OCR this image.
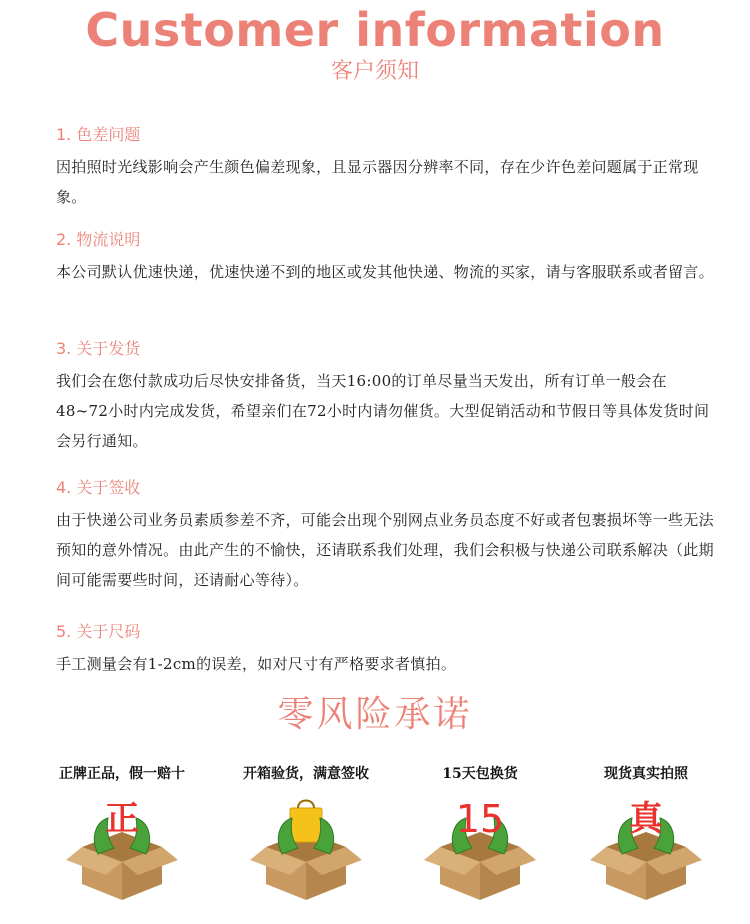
Customer information
客户须知
1. 色差问题
因拍照时光线影响会产生颜色偏差现象，且显示器因分辨率不同，存在少许色差问题属于正常现象。
2. 物流说明
本公司默认优速快递，优速快递不到的地区或发其他快递、物流的买家，请与客服联系或者留言。
3. 关于发货
我们会在您付款成功后尽快安排备货，当天16:00的订单尽量当天发出，所有订单一般会在48~72小时内完成发货，希望亲们在72小时内请勿催货。大型促销活动和节假日等具体发货时间会另行通知。
4. 关于签收
由于快递公司业务员素质参差不齐，可能会出现个别网点业务员态度不好或者包裹损坏等一些无法预知的意外情况。由此产生的不愉快，还请联系我们处理，我们会积极与快递公司联系解决（此期间可能需要些时间，还请耐心等待）。
5. 关于尺码
手工测量会有1-2cm的误差，如对尺寸有严格要求者慎拍。
零风险承诺
正牌正品，假一赔十
正
开箱验货，满意签收	15天包换货
15
现货真实拍照
真
